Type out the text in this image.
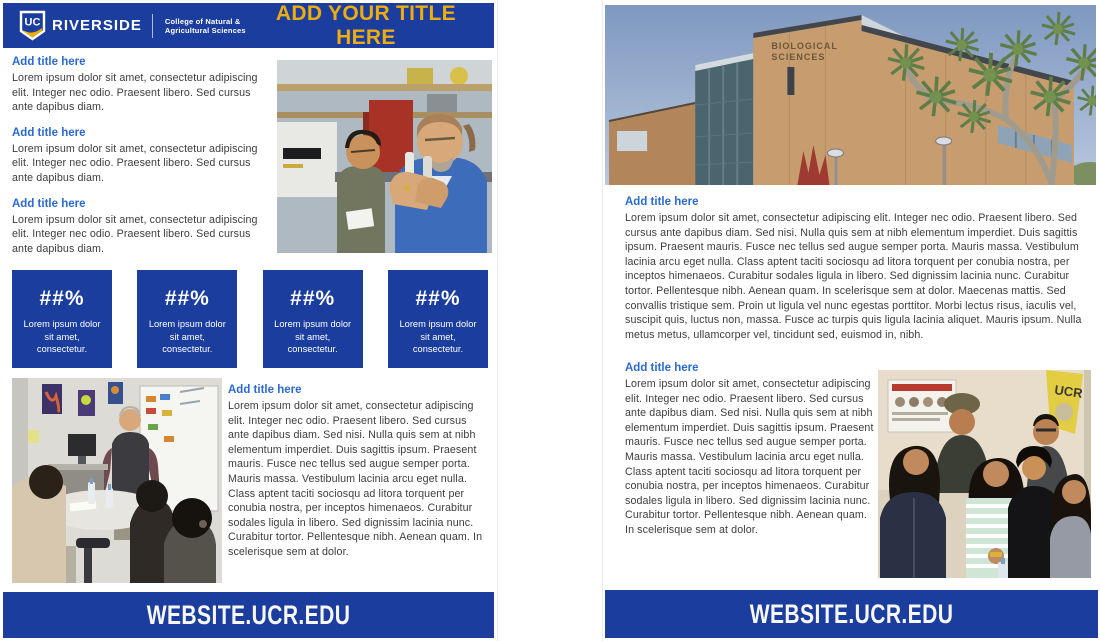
UC RIVERSIDE	College of Natural &
Agricultural Sciences
ADD YOUR TITLE HERE

Add title here

Lorem ipsum dolor sit amet, consectetur adipiscing elit. Integer nec odio. Praesent libero. Sed cursus ante dapibus diam.

Add title here

Lorem ipsum dolor sit amet, consectetur adipiscing elit. Integer nec odio. Praesent libero. Sed cursus ante dapibus diam.

Add title here

Lorem ipsum dolor sit amet, consectetur adipiscing elit. Integer nec odio. Praesent libero. Sed cursus ante dapibus diam.

##%
Lorem ipsum dolor sit amet, consectetur.
##%
Lorem ipsum dolor sit amet, consectetur.
##%
Lorem ipsum dolor sit amet, consectetur.
##%
Lorem ipsum dolor sit amet, consectetur.

Add title here

Lorem ipsum dolor sit amet, consectetur adipiscing elit. Integer nec odio. Praesent libero. Sed cursus ante dapibus diam. Sed nisi. Nulla quis sem at nibh elementum imperdiet. Duis sagittis ipsum. Praesent mauris. Fusce nec tellus sed augue semper porta. Mauris massa. Vestibulum lacinia arcu eget nulla. Class aptent taciti sociosqu ad litora torquent per conubia nostra, per inceptos himenaeos. Curabitur sodales ligula in libero. Sed dignissim lacinia nunc. Curabitur tortor. Pellentesque nibh. Aenean quam. In scelerisque sem at dolor.

WEBSITE.UCR.EDU
BIOLOGICAL
SCIENCES

Add title here

Lorem ipsum dolor sit amet, consectetur adipiscing elit. Integer nec odio. Praesent libero. Sed cursus ante dapibus diam. Sed nisi. Nulla quis sem at nibh elementum imperdiet. Duis sagittis ipsum. Praesent mauris. Fusce nec tellus sed augue semper porta. Mauris massa. Vestibulum lacinia arcu eget nulla. Class aptent taciti sociosqu ad litora torquent per conubia nostra, per inceptos himenaeos. Curabitur sodales ligula in libero. Sed dignissim lacinia nunc. Curabitur tortor. Pellentesque nibh. Aenean quam. In scelerisque sem at dolor. Maecenas mattis. Sed convallis tristique sem. Proin ut ligula vel nunc egestas porttitor. Morbi lectus risus, iaculis vel, suscipit quis, luctus non, massa. Fusce ac turpis quis ligula lacinia aliquet. Mauris ipsum. Nulla metus metus, ullamcorper vel, tincidunt sed, euismod in, nibh.

Add title here

Lorem ipsum dolor sit amet, consectetur adipiscing elit. Integer nec odio. Praesent libero. Sed cursus ante dapibus diam. Sed nisi. Nulla quis sem at nibh elementum imperdiet. Duis sagittis ipsum. Praesent mauris. Fusce nec tellus sed augue semper porta. Mauris massa. Vestibulum lacinia arcu eget nulla. Class aptent taciti sociosqu ad litora torquent per conubia nostra, per inceptos himenaeos. Curabitur sodales ligula in libero. Sed dignissim lacinia nunc. Curabitur tortor. Pellentesque nibh. Aenean quam. In scelerisque sem at dolor.

UCR
WEBSITE.UCR.EDU
